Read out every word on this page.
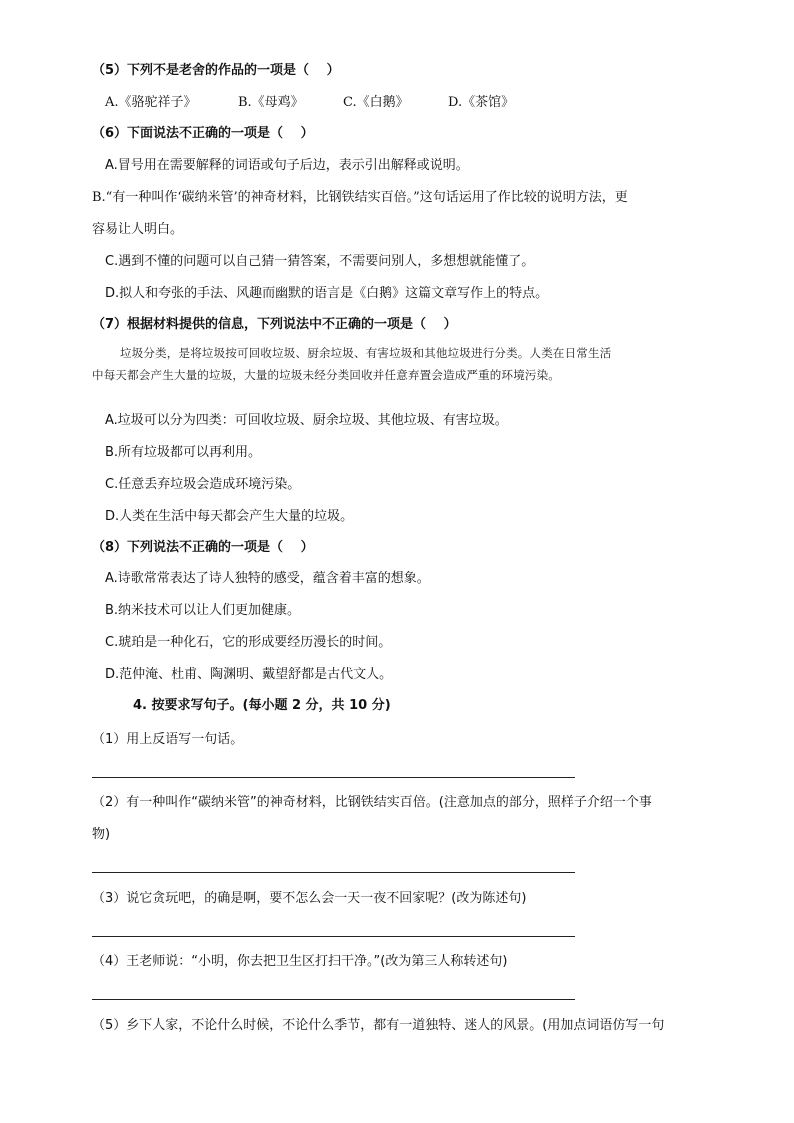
（5）下列不是老舍的作品的一项是（　 ）
A.《骆驼祥子》	B.《母鸡》	C.《白鹅》	D.《茶馆》
（6）下面说法不正确的一项是（　 ）
A.冒号用在需要解释的词语或句子后边，表示引出解释或说明。
B.“有一种叫作‘碳纳米管’的神奇材料，比钢铁结实百倍。”这句话运用了作比较的说明方法，更
容易让人明白。
C.遇到不懂的问题可以自己猜一猜答案，不需要问别人，多想想就能懂了。
D.拟人和夸张的手法、风趣而幽默的语言是《白鹅》这篇文章写作上的特点。
（7）根据材料提供的信息，下列说法中不正确的一项是（　 ）
垃圾分类，是将垃圾按可回收垃圾、厨余垃圾、有害垃圾和其他垃圾进行分类。人类在日常生活
中每天都会产生大量的垃圾，大量的垃圾未经分类回收并任意弃置会造成严重的环境污染。
A.垃圾可以分为四类：可回收垃圾、厨余垃圾、其他垃圾、有害垃圾。
B.所有垃圾都可以再利用。
C.任意丢弃垃圾会造成环境污染。
D.人类在生活中每天都会产生大量的垃圾。
（8）下列说法不正确的一项是（　 ）
A.诗歌常常表达了诗人独特的感受，蕴含着丰富的想象。
B.纳米技术可以让人们更加健康。
C.琥珀是一种化石，它的形成要经历漫长的时间。
D.范仲淹、杜甫、陶渊明、戴望舒都是古代文人。
4. 按要求写句子。(每小题 2 分，共 10 分)
（1）用上反语写一句话。
（2）有一种叫作“碳纳米管”的神奇材料，比钢铁结实百倍。(注意加点的部分，照样子介绍一个事
物)
（3）说它贪玩吧，的确是啊，要不怎么会一天一夜不回家呢？(改为陈述句)
（4）王老师说：“小明，你去把卫生区打扫干净。”(改为第三人称转述句)
（5）乡下人家，不论什么时候，不论什么季节，都有一道独特、迷人的风景。(用加点词语仿写一句
